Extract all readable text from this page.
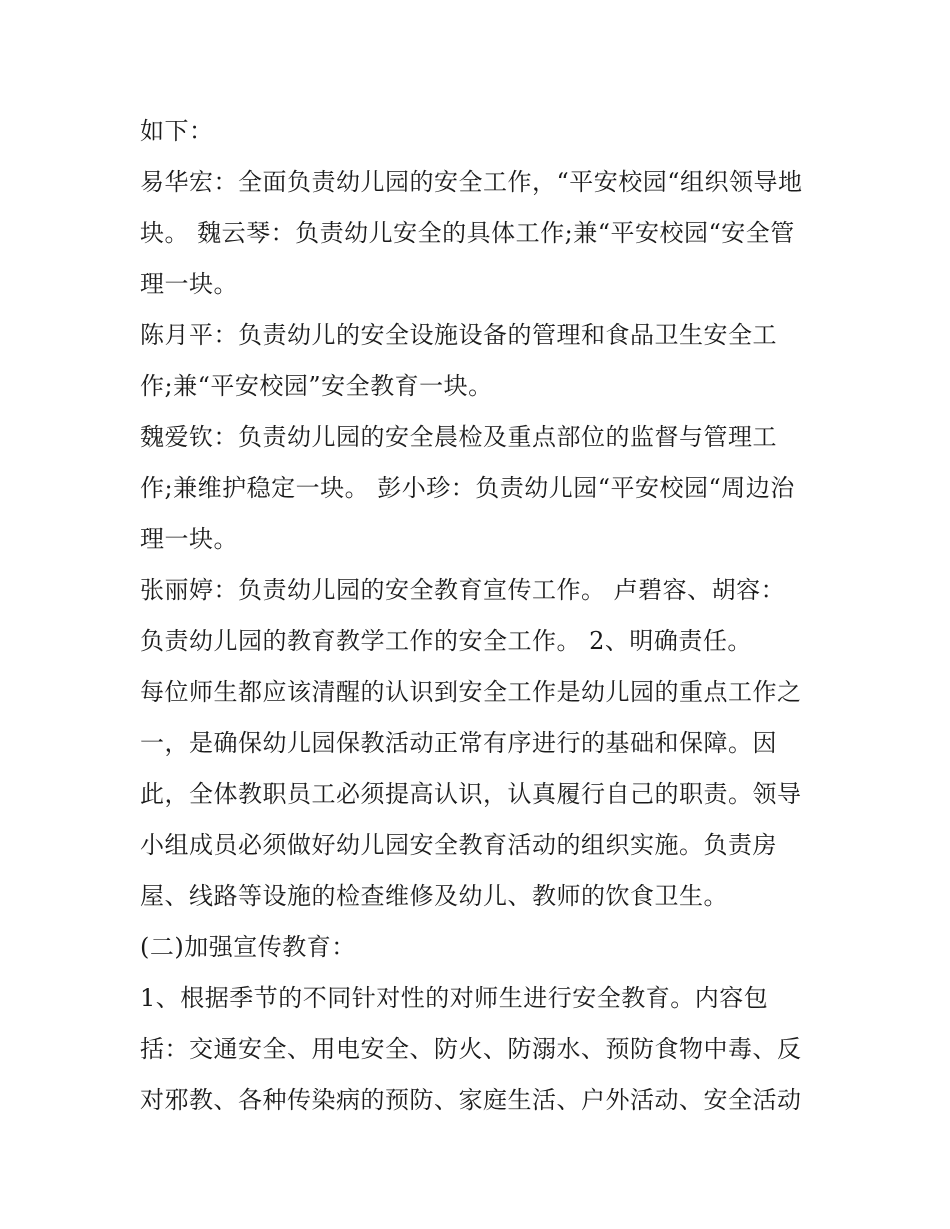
如下：
易华宏：全面负责幼儿园的安全工作，“平安校园“组织领导地
块。 魏云琴：负责幼儿安全的具体工作;兼“平安校园“安全管
理一块。
陈月平：负责幼儿的安全设施设备的管理和食品卫生安全工
作;兼“平安校园”安全教育一块。
魏爱钦：负责幼儿园的安全晨检及重点部位的监督与管理工
作;兼维护稳定一块。 彭小珍：负责幼儿园“平安校园“周边治
理一块。
张丽婷：负责幼儿园的安全教育宣传工作。 卢碧容、胡容：
负责幼儿园的教育教学工作的安全工作。 2、明确责任。
每位师生都应该清醒的认识到安全工作是幼儿园的重点工作之
一，是确保幼儿园保教活动正常有序进行的基础和保障。因
此，全体教职员工必须提高认识，认真履行自己的职责。领导
小组成员必须做好幼儿园安全教育活动的组织实施。负责房
屋、线路等设施的检查维修及幼儿、教师的饮食卫生。
(二)加强宣传教育：
1、根据季节的不同针对性的对师生进行安全教育。内容包
括：交通安全、用电安全、防火、防溺水、预防食物中毒、反
对邪教、各种传染病的预防、家庭生活、户外活动、安全活动
